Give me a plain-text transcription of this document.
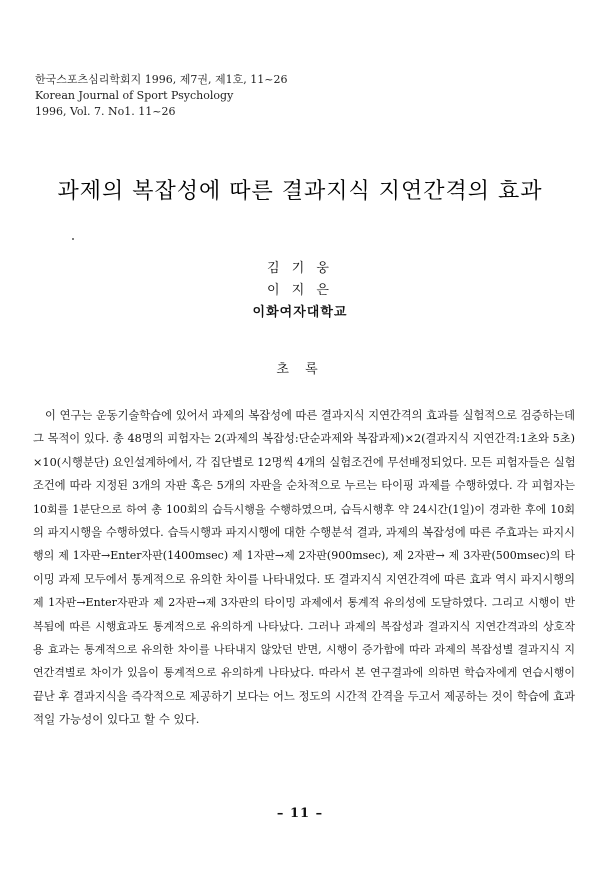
한국스포츠심리학회지 1996, 제7권, 제1호, 11~26
Korean Journal of Sport Psychology
1996, Vol. 7. No1. 11~26
과제의 복잡성에 따른 결과지식 지연간격의 효과
김 기 웅
이 지 은
이화여자대학교
초 록
이 연구는 운동기술학습에 있어서 과제의 복잡성에 따른 결과지식 지연간격의 효과를 실험적으로 검증하는데
그 목적이 있다. 총 48명의 피험자는 2(과제의 복잡성:단순과제와 복잡과제)×2(결과지식 지연간격:1초와 5초)
×10(시행분단) 요인설계하에서, 각 집단별로 12명씩 4개의 실험조건에 무선배정되었다. 모든 피험자들은 실험
조건에 따라 지정된 3개의 자판 혹은 5개의 자판을 순차적으로 누르는 타이핑 과제를 수행하였다. 각 피험자는
10회를 1분단으로 하여 총 100회의 습득시행을 수행하였으며, 습득시행후 약 24시간(1일)이 경과한 후에 10회
의 파지시행을 수행하였다. 습득시행과 파지시행에 대한 수행분석 결과, 과제의 복잡성에 따른 주효과는 파지시
행의 제 1자판→Enter자판(1400msec) 제 1자판→제 2자판(900msec), 제 2자판→ 제 3자판(500msec)의 타
이밍 과제 모두에서 통계적으로 유의한 차이를 나타내었다. 또 결과지식 지연간격에 따른 효과 역시 파지시행의
제 1자판→Enter자판과 제 2자판→제 3자판의 타이밍 과제에서 통계적 유의성에 도달하였다. 그리고 시행이 반
복됨에 따른 시행효과도 통계적으로 유의하게 나타났다. 그러나 과제의 복잡성과 결과지식 지연간격과의 상호작
용 효과는 통계적으로 유의한 차이를 나타내지 않았던 반면, 시행이 증가함에 따라 과제의 복잡성별 결과지식 지
연간격별로 차이가 있음이 통계적으로 유의하게 나타났다. 따라서 본 연구결과에 의하면 학습자에게 연습시행이
끝난 후 결과지식을 즉각적으로 제공하기 보다는 어느 정도의 시간적 간격을 두고서 제공하는 것이 학습에 효과
적일 가능성이 있다고 할 수 있다.
– 11 –
